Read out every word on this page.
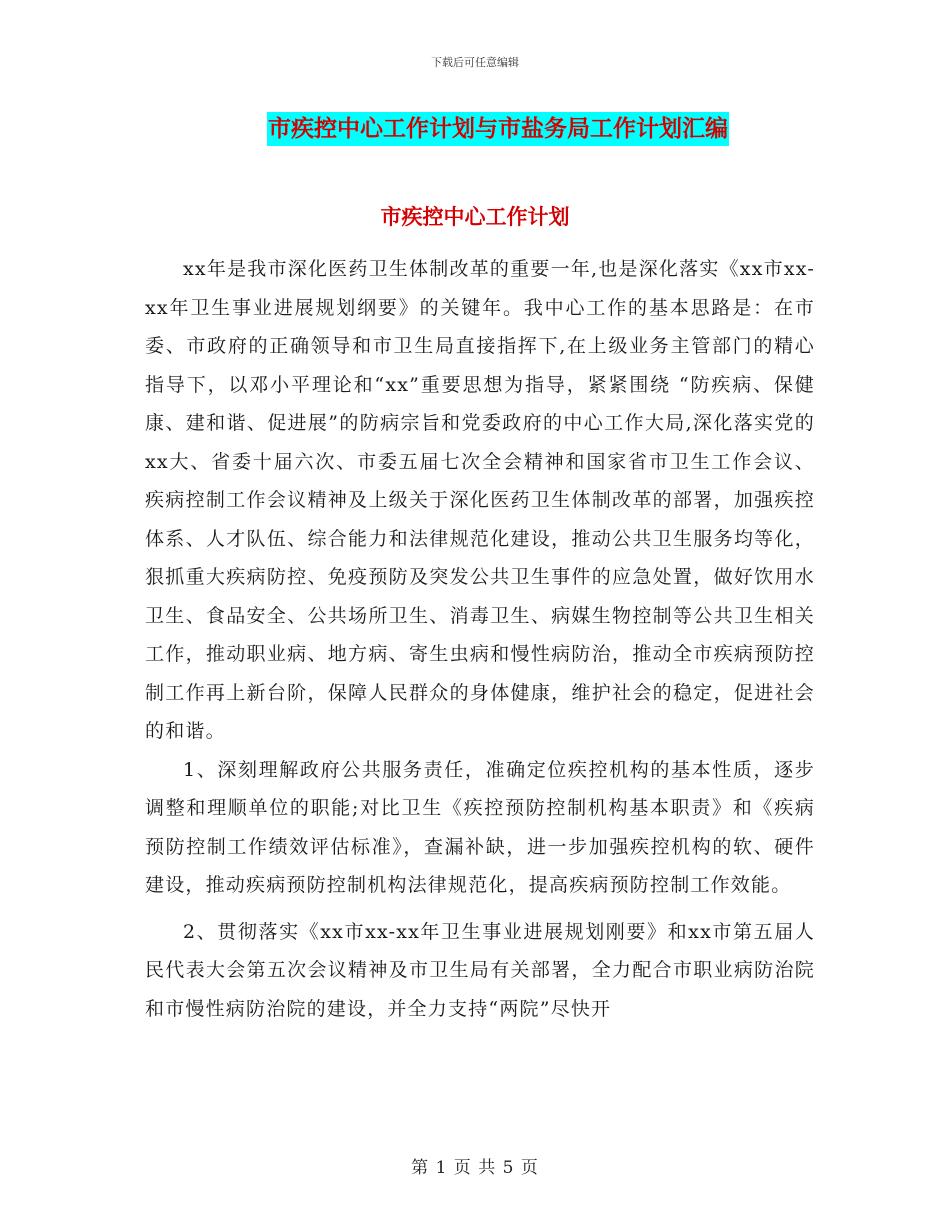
下载后可任意编辑
市疾控中心工作计划与市盐务局工作计划汇编
市疾控中心工作计划

xx年是我市深化医药卫生体制改革的重要一年,也是深化落实《xx市xx-xx年卫生事业进展规划纲要》的关键年。我中心工作的基本思路是：在市委、市政府的正确领导和市卫生局直接指挥下,在上级业务主管部门的精心指导下，以邓小平理论和“xx”重要思想为指导，紧紧围绕 “防疾病、保健康、建和谐、促进展”的防病宗旨和党委政府的中心工作大局,深化落实党的xx大、省委十届六次、市委五届七次全会精神和国家省市卫生工作会议、疾病控制工作会议精神及上级关于深化医药卫生体制改革的部署，加强疾控体系、人才队伍、综合能力和法律规范化建设，推动公共卫生服务均等化，狠抓重大疾病防控、免疫预防及突发公共卫生事件的应急处置，做好饮用水卫生、食品安全、公共场所卫生、消毒卫生、病媒生物控制等公共卫生相关工作，推动职业病、地方病、寄生虫病和慢性病防治，推动全市疾病预防控制工作再上新台阶，保障人民群众的身体健康，维护社会的稳定，促进社会的和谐。

1、深刻理解政府公共服务责任，准确定位疾控机构的基本性质，逐步调整和理顺单位的职能;对比卫生《疾控预防控制机构基本职责》和《疾病预防控制工作绩效评估标准》，查漏补缺，进一步加强疾控机构的软、硬件建设，推动疾病预防控制机构法律规范化，提高疾病预防控制工作效能。

2、贯彻落实《xx市xx-xx年卫生事业进展规划刚要》和xx市第五届人民代表大会第五次会议精神及市卫生局有关部署，全力配合市职业病防治院和市慢性病防治院的建设，并全力支持“两院”尽快开

第 1 页 共 5 页
